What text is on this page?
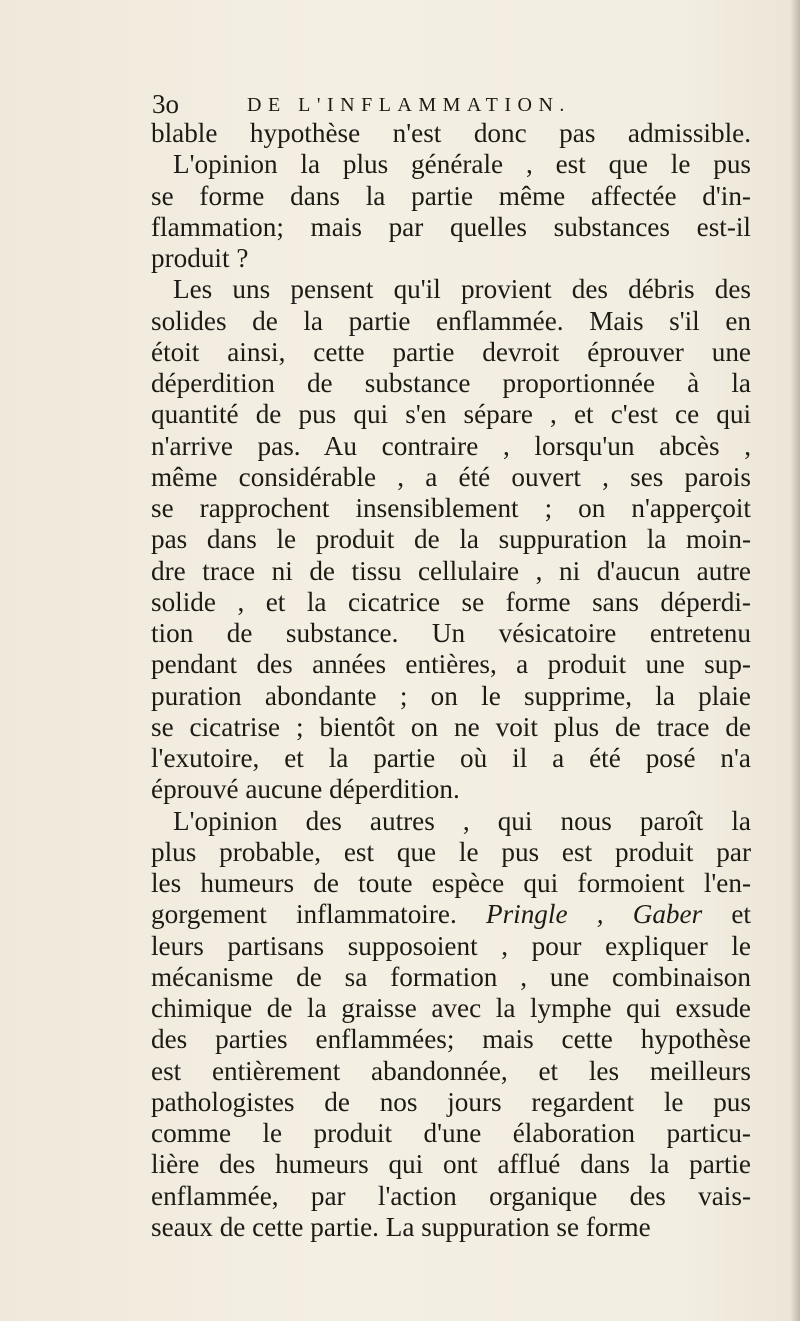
3o	DE L'INFLAMMATION.
blable hypothèse n'est donc pas admissible.
L'opinion la plus générale , est que le pus
se forme dans la partie même affectée d'in-
flammation; mais par quelles substances est-il
produit ?
Les uns pensent qu'il provient des débris des
solides de la partie enflammée. Mais s'il en
étoit ainsi, cette partie devroit éprouver une
déperdition de substance proportionnée à la
quantité de pus qui s'en sépare , et c'est ce qui
n'arrive pas. Au contraire , lorsqu'un abcès ,
même considérable , a été ouvert , ses parois
se rapprochent insensiblement ; on n'apperçoit
pas dans le produit de la suppuration la moin-
dre trace ni de tissu cellulaire , ni d'aucun autre
solide , et la cicatrice se forme sans déperdi-
tion de substance. Un vésicatoire entretenu
pendant des années entières, a produit une sup-
puration abondante ; on le supprime, la plaie
se cicatrise ; bientôt on ne voit plus de trace de
l'exutoire, et la partie où il a été posé n'a
éprouvé aucune déperdition.
L'opinion des autres , qui nous paroît la
plus probable, est que le pus est produit par
les humeurs de toute espèce qui formoient l'en-
gorgement inflammatoire. Pringle , Gaber et
leurs partisans supposoient , pour expliquer le
mécanisme de sa formation , une combinaison
chimique de la graisse avec la lymphe qui exsude
des parties enflammées; mais cette hypothèse
est entièrement abandonnée, et les meilleurs
pathologistes de nos jours regardent le pus
comme le produit d'une élaboration particu-
lière des humeurs qui ont afflué dans la partie
enflammée, par l'action organique des vais-
seaux de cette partie. La suppuration se forme
